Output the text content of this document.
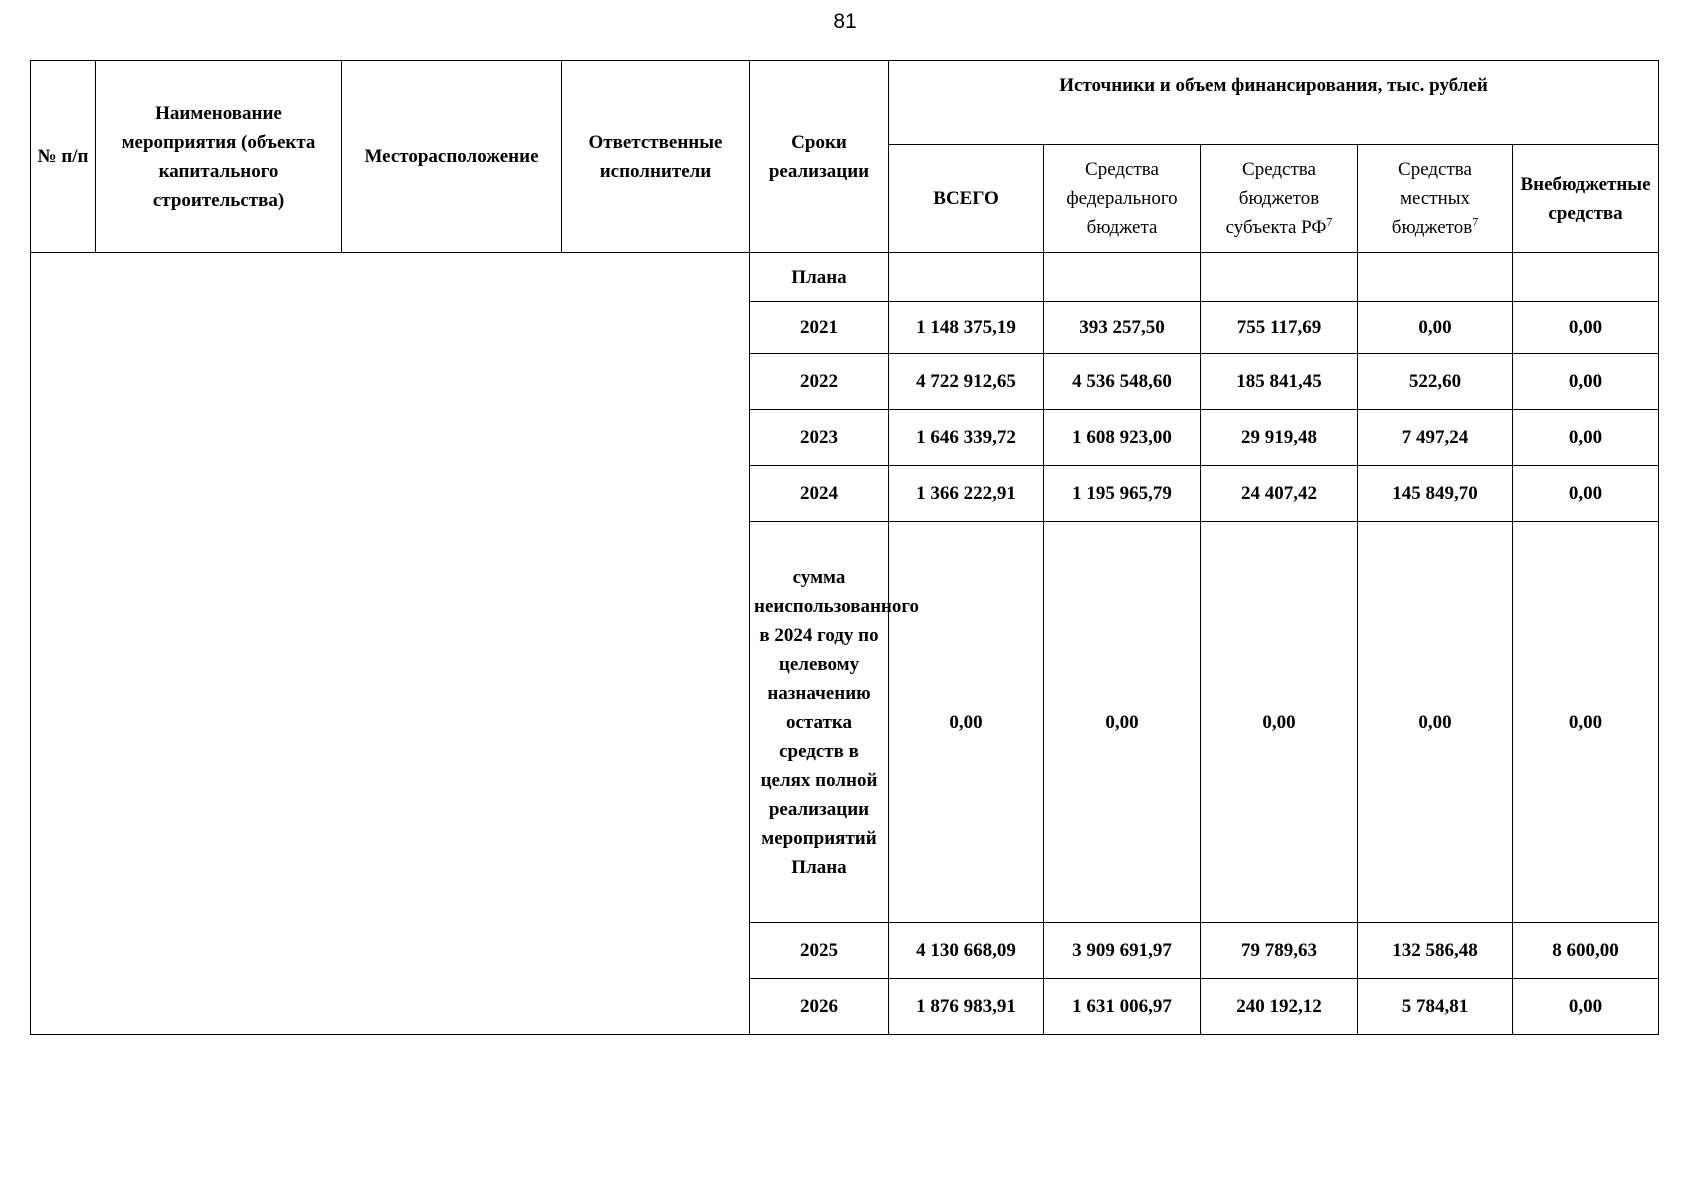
81
№ п/п	Наименование мероприятия (объекта капитального строительства)	Месторасположение	Ответственные исполнители	Сроки реализации	Источники и объем финансирования, тыс. рублей				
					ВСЕГО	Средства федерального бюджета	Средства бюджетов субъекта $РФ^7$	Средства местных бюджетов$^7$	Внебюджетные средства
				Плана					
				2021	1 148 375,19	393 257,50	755 117,69	0,00	0,00
				2022	4 722 912,65	4 536 548,60	185 841,45	522,60	0,00
				2023	1 646 339,72	1 608 923,00	29 919,48	7 497,24	0,00
				2024	1 366 222,91	1 195 965,79	24 407,42	145 849,70	0,00
				сумма неиспользованного в 2024 году по целевому назначению остатка средств в целях полной реализации мероприятий Плана	0,00	0,00	0,00	0,00	0,00
				2025	4 130 668,09	3 909 691,97	79 789,63	132 586,48	8 600,00
				2026	1 876 983,91	1 631 006,97	240 192,12	5 784,81	0,00
